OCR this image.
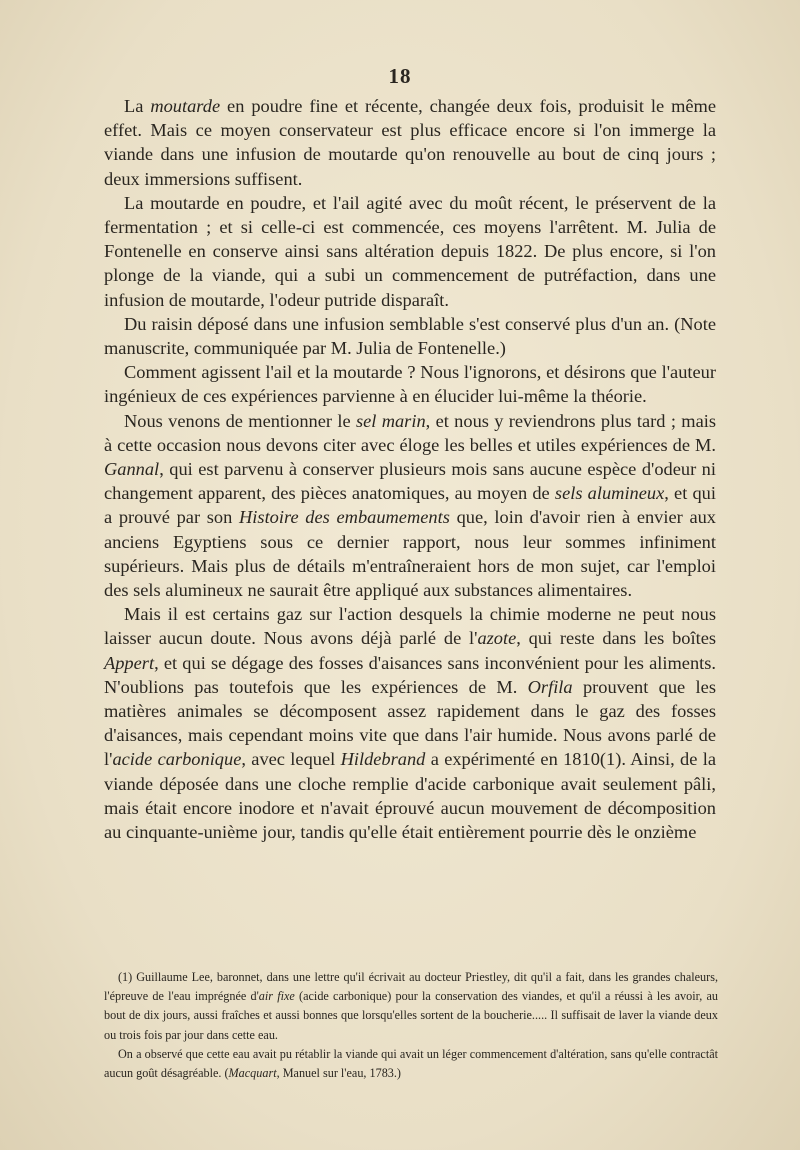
18

La moutarde en poudre fine et récente, changée deux fois, produisit le même effet. Mais ce moyen conservateur est plus efficace encore si l'on immerge la viande dans une infusion de moutarde qu'on renouvelle au bout de cinq jours ; deux immersions suffisent.

La moutarde en poudre, et l'ail agité avec du moût récent, le préservent de la fermentation ; et si celle-ci est commencée, ces moyens l'arrêtent. M. Julia de Fontenelle en conserve ainsi sans altération depuis 1822. De plus encore, si l'on plonge de la viande, qui a subi un commencement de putréfaction, dans une infusion de moutarde, l'odeur putride disparaît.

Du raisin déposé dans une infusion semblable s'est conservé plus d'un an. (Note manuscrite, communiquée par M. Julia de Fontenelle.)

Comment agissent l'ail et la moutarde ? Nous l'ignorons, et désirons que l'auteur ingénieux de ces expériences parvienne à en élucider lui-même la théorie.

Nous venons de mentionner le sel marin, et nous y reviendrons plus tard ; mais à cette occasion nous devons citer avec éloge les belles et utiles expériences de M. Gannal, qui est parvenu à conserver plusieurs mois sans aucune espèce d'odeur ni changement apparent, des pièces anatomiques, au moyen de sels alumineux, et qui a prouvé par son Histoire des embaumements que, loin d'avoir rien à envier aux anciens Egyptiens sous ce dernier rapport, nous leur sommes infiniment supérieurs. Mais plus de détails m'entraîneraient hors de mon sujet, car l'emploi des sels alumineux ne saurait être appliqué aux substances alimentaires.

Mais il est certains gaz sur l'action desquels la chimie moderne ne peut nous laisser aucun doute. Nous avons déjà parlé de l'azote, qui reste dans les boîtes Appert, et qui se dégage des fosses d'aisances sans inconvénient pour les aliments. N'oublions pas toutefois que les expériences de M. Orfila prouvent que les matières animales se décomposent assez rapidement dans le gaz des fosses d'aisances, mais cependant moins vite que dans l'air humide. Nous avons parlé de l'acide carbonique, avec lequel Hildebrand a expérimenté en 1810(1). Ainsi, de la viande déposée dans une cloche remplie d'acide carbonique avait seulement pâli, mais était encore inodore et n'avait éprouvé aucun mouvement de décomposition au cinquante-unième jour, tandis qu'elle était entièrement pourrie dès le onzième

(1) Guillaume Lee, baronnet, dans une lettre qu'il écrivait au docteur Priestley, dit qu'il a fait, dans les grandes chaleurs, l'épreuve de l'eau imprégnée d'air fixe (acide carbonique) pour la conservation des viandes, et qu'il a réussi à les avoir, au bout de dix jours, aussi fraîches et aussi bonnes que lorsqu'elles sortent de la boucherie..... Il suffisait de laver la viande deux ou trois fois par jour dans cette eau.

On a observé que cette eau avait pu rétablir la viande qui avait un léger commencement d'altération, sans qu'elle contractât aucun goût désagréable. (Macquart, Manuel sur l'eau, 1783.)
